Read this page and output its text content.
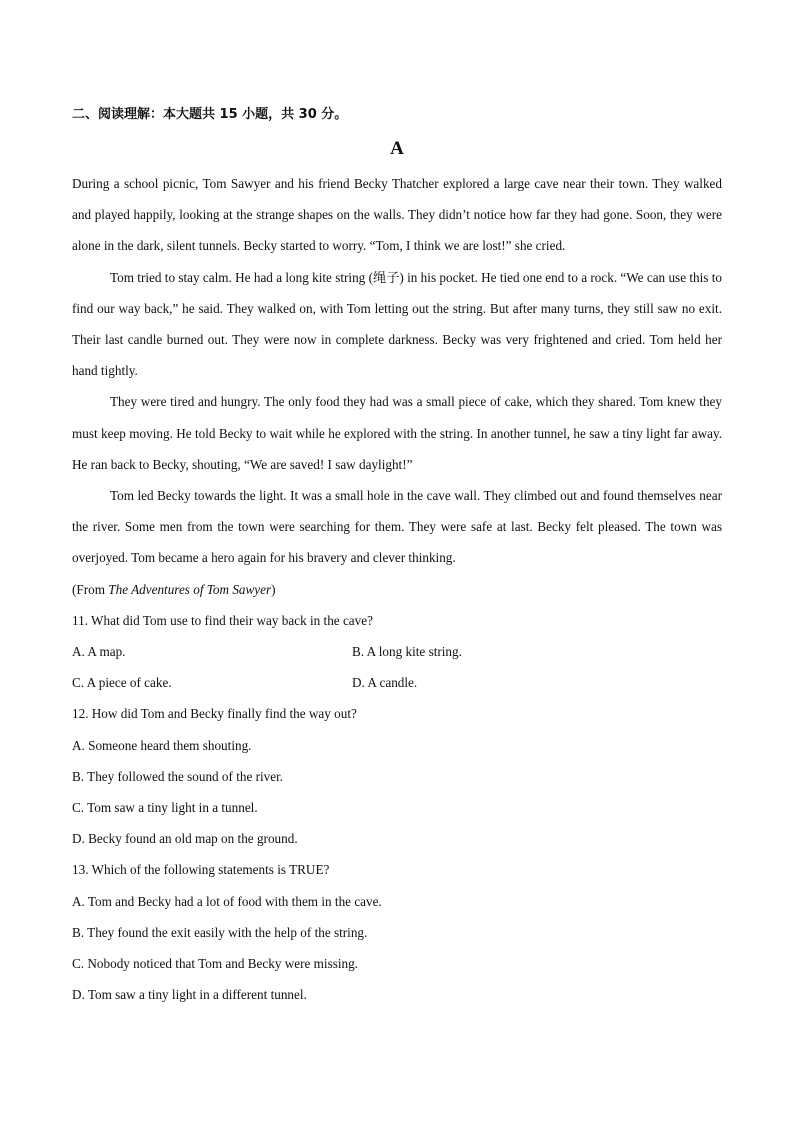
二、阅读理解：本大题共 15 小题，共 30 分。
A

During a school picnic, Tom Sawyer and his friend Becky Thatcher explored a large cave near their town. They walked and played happily, looking at the strange shapes on the walls. They didn’t notice how far they had gone. Soon, they were alone in the dark, silent tunnels. Becky started to worry. “Tom, I think we are lost!” she cried.

Tom tried to stay calm. He had a long kite string (绳子) in his pocket. He tied one end to a rock. “We can use this to find our way back,” he said. They walked on, with Tom letting out the string. But after many turns, they still saw no exit. Their last candle burned out. They were now in complete darkness. Becky was very frightened and cried. Tom held her hand tightly.

They were tired and hungry. The only food they had was a small piece of cake, which they shared. Tom knew they must keep moving. He told Becky to wait while he explored with the string. In another tunnel, he saw a tiny light far away. He ran back to Becky, shouting, “We are saved! I saw daylight!”

Tom led Becky towards the light. It was a small hole in the cave wall. They climbed out and found themselves near the river. Some men from the town were searching for them. They were safe at last. Becky felt pleased. The town was overjoyed. Tom became a hero again for his bravery and clever thinking.

(From The Adventures of Tom Sawyer)

11. What did Tom use to find their way back in the cave?

A. A map.	B. A long kite string.
C. A piece of cake.	D. A candle.

12. How did Tom and Becky finally find the way out?

A. Someone heard them shouting.

B. They followed the sound of the river.

C. Tom saw a tiny light in a tunnel.

D. Becky found an old map on the ground.

13. Which of the following statements is TRUE?

A. Tom and Becky had a lot of food with them in the cave.

B. They found the exit easily with the help of the string.

C. Nobody noticed that Tom and Becky were missing.

D. Tom saw a tiny light in a different tunnel.
